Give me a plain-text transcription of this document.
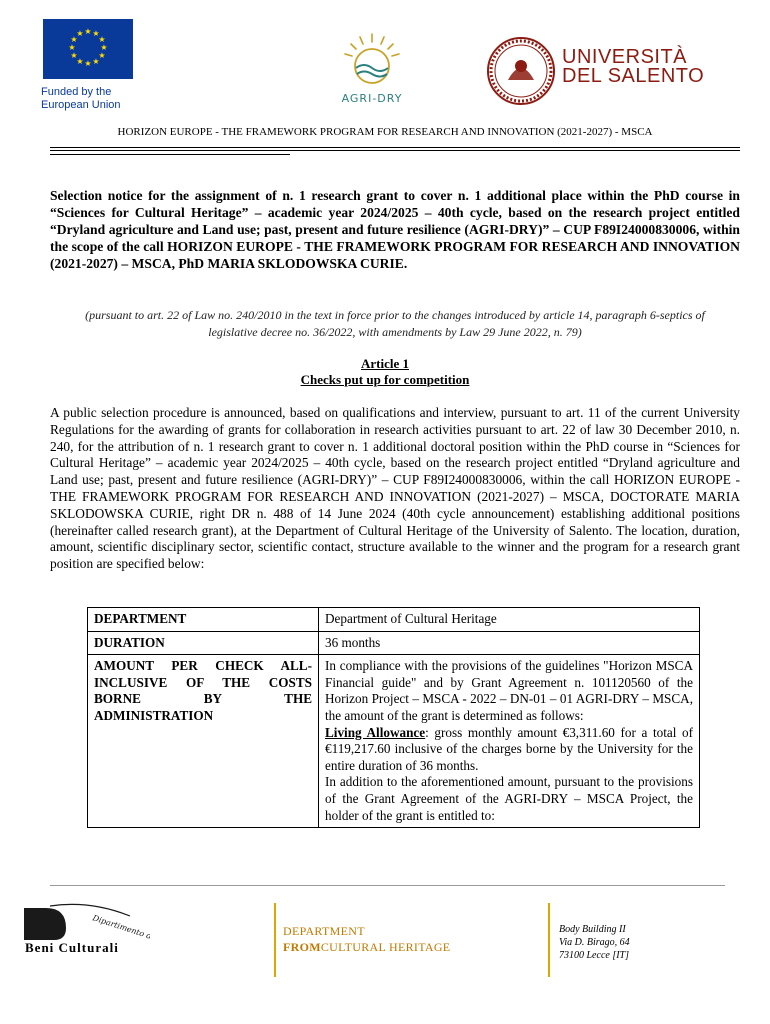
★ ★
★
★
★
★
★
★
★
★
★
★
Funded by the
European Union	AGRI-DRY
UNIVERSITÀ
DEL SALENTO
HORIZON EUROPE - THE FRAMEWORK PROGRAM FOR RESEARCH AND INNOVATION (2021-2027) - MSCA
Selection notice for the assignment of n. 1 research grant to cover n. 1 additional place within the PhD course in “Sciences for Cultural Heritage” – academic year 2024/2025 – 40th cycle, based on the research project entitled “Dryland agriculture and Land use; past, present and future resilience (AGRI-DRY)” – CUP F89I24000830006, within the scope of the call HORIZON EUROPE - THE FRAMEWORK PROGRAM FOR RESEARCH AND INNOVATION (2021-2027) – MSCA, PhD MARIA SKLODOWSKA CURIE.
(pursuant to art. 22 of Law no. 240/2010 in the text in force prior to the changes introduced by article 14, paragraph 6-septics of legislative decree no. 36/2022, with amendments by Law 29 June 2022, n. 79)
Article 1
Checks put up for competition
A public selection procedure is announced, based on qualifications and interview, pursuant to art. 11 of the current University Regulations for the awarding of grants for collaboration in research activities pursuant to art. 22 of law 30 December 2010, n. 240, for the attribution of n. 1 research grant to cover n. 1 additional doctoral position within the PhD course in “Sciences for Cultural Heritage” – academic year 2024/2025 – 40th cycle, based on the research project entitled “Dryland agriculture and Land use; past, present and future resilience (AGRI-DRY)” – CUP F89I24000830006, within the call HORIZON EUROPE - THE FRAMEWORK PROGRAM FOR RESEARCH AND INNOVATION (2021-2027) – MSCA, DOCTORATE MARIA SKLODOWSKA CURIE, right DR n. 488 of 14 June 2024 (40th cycle announcement) establishing additional positions (hereinafter called research grant), at the Department of Cultural Heritage of the University of Salento. The location, duration, amount, scientific disciplinary sector, scientific contact, structure available to the winner and the program for a research grant position are specified below:
DEPARTMENT	Department of Cultural Heritage
DURATION	36 months
AMOUNT PER CHECK ALL-INCLUSIVE OF THE COSTS BORNE BY THE ADMINISTRATION	In compliance with the provisions of the guidelines "Horizon MSCA Financial guide" and by Grant Agreement n. 101120560 of the Horizon Project – MSCA - 2022 – DN-01 – 01 AGRI-DRY – MSCA, the amount of the grant is determined as follows:
Living Allowance: gross monthly amount €3,311.60 for a total of €119,217.60 inclusive of the charges borne by the University for the entire duration of 36 months.
In addition to the aforementioned amount, pursuant to the provisions of the Grant Agreement of the AGRI-DRY – MSCA Project, the holder of the grant is entitled to:
Dipartimento di
Beni Culturali
DEPARTMENT
FROMCULTURAL HERITAGE
Body Building II
Via D. Birago, 64
73100 Lecce [IT]
